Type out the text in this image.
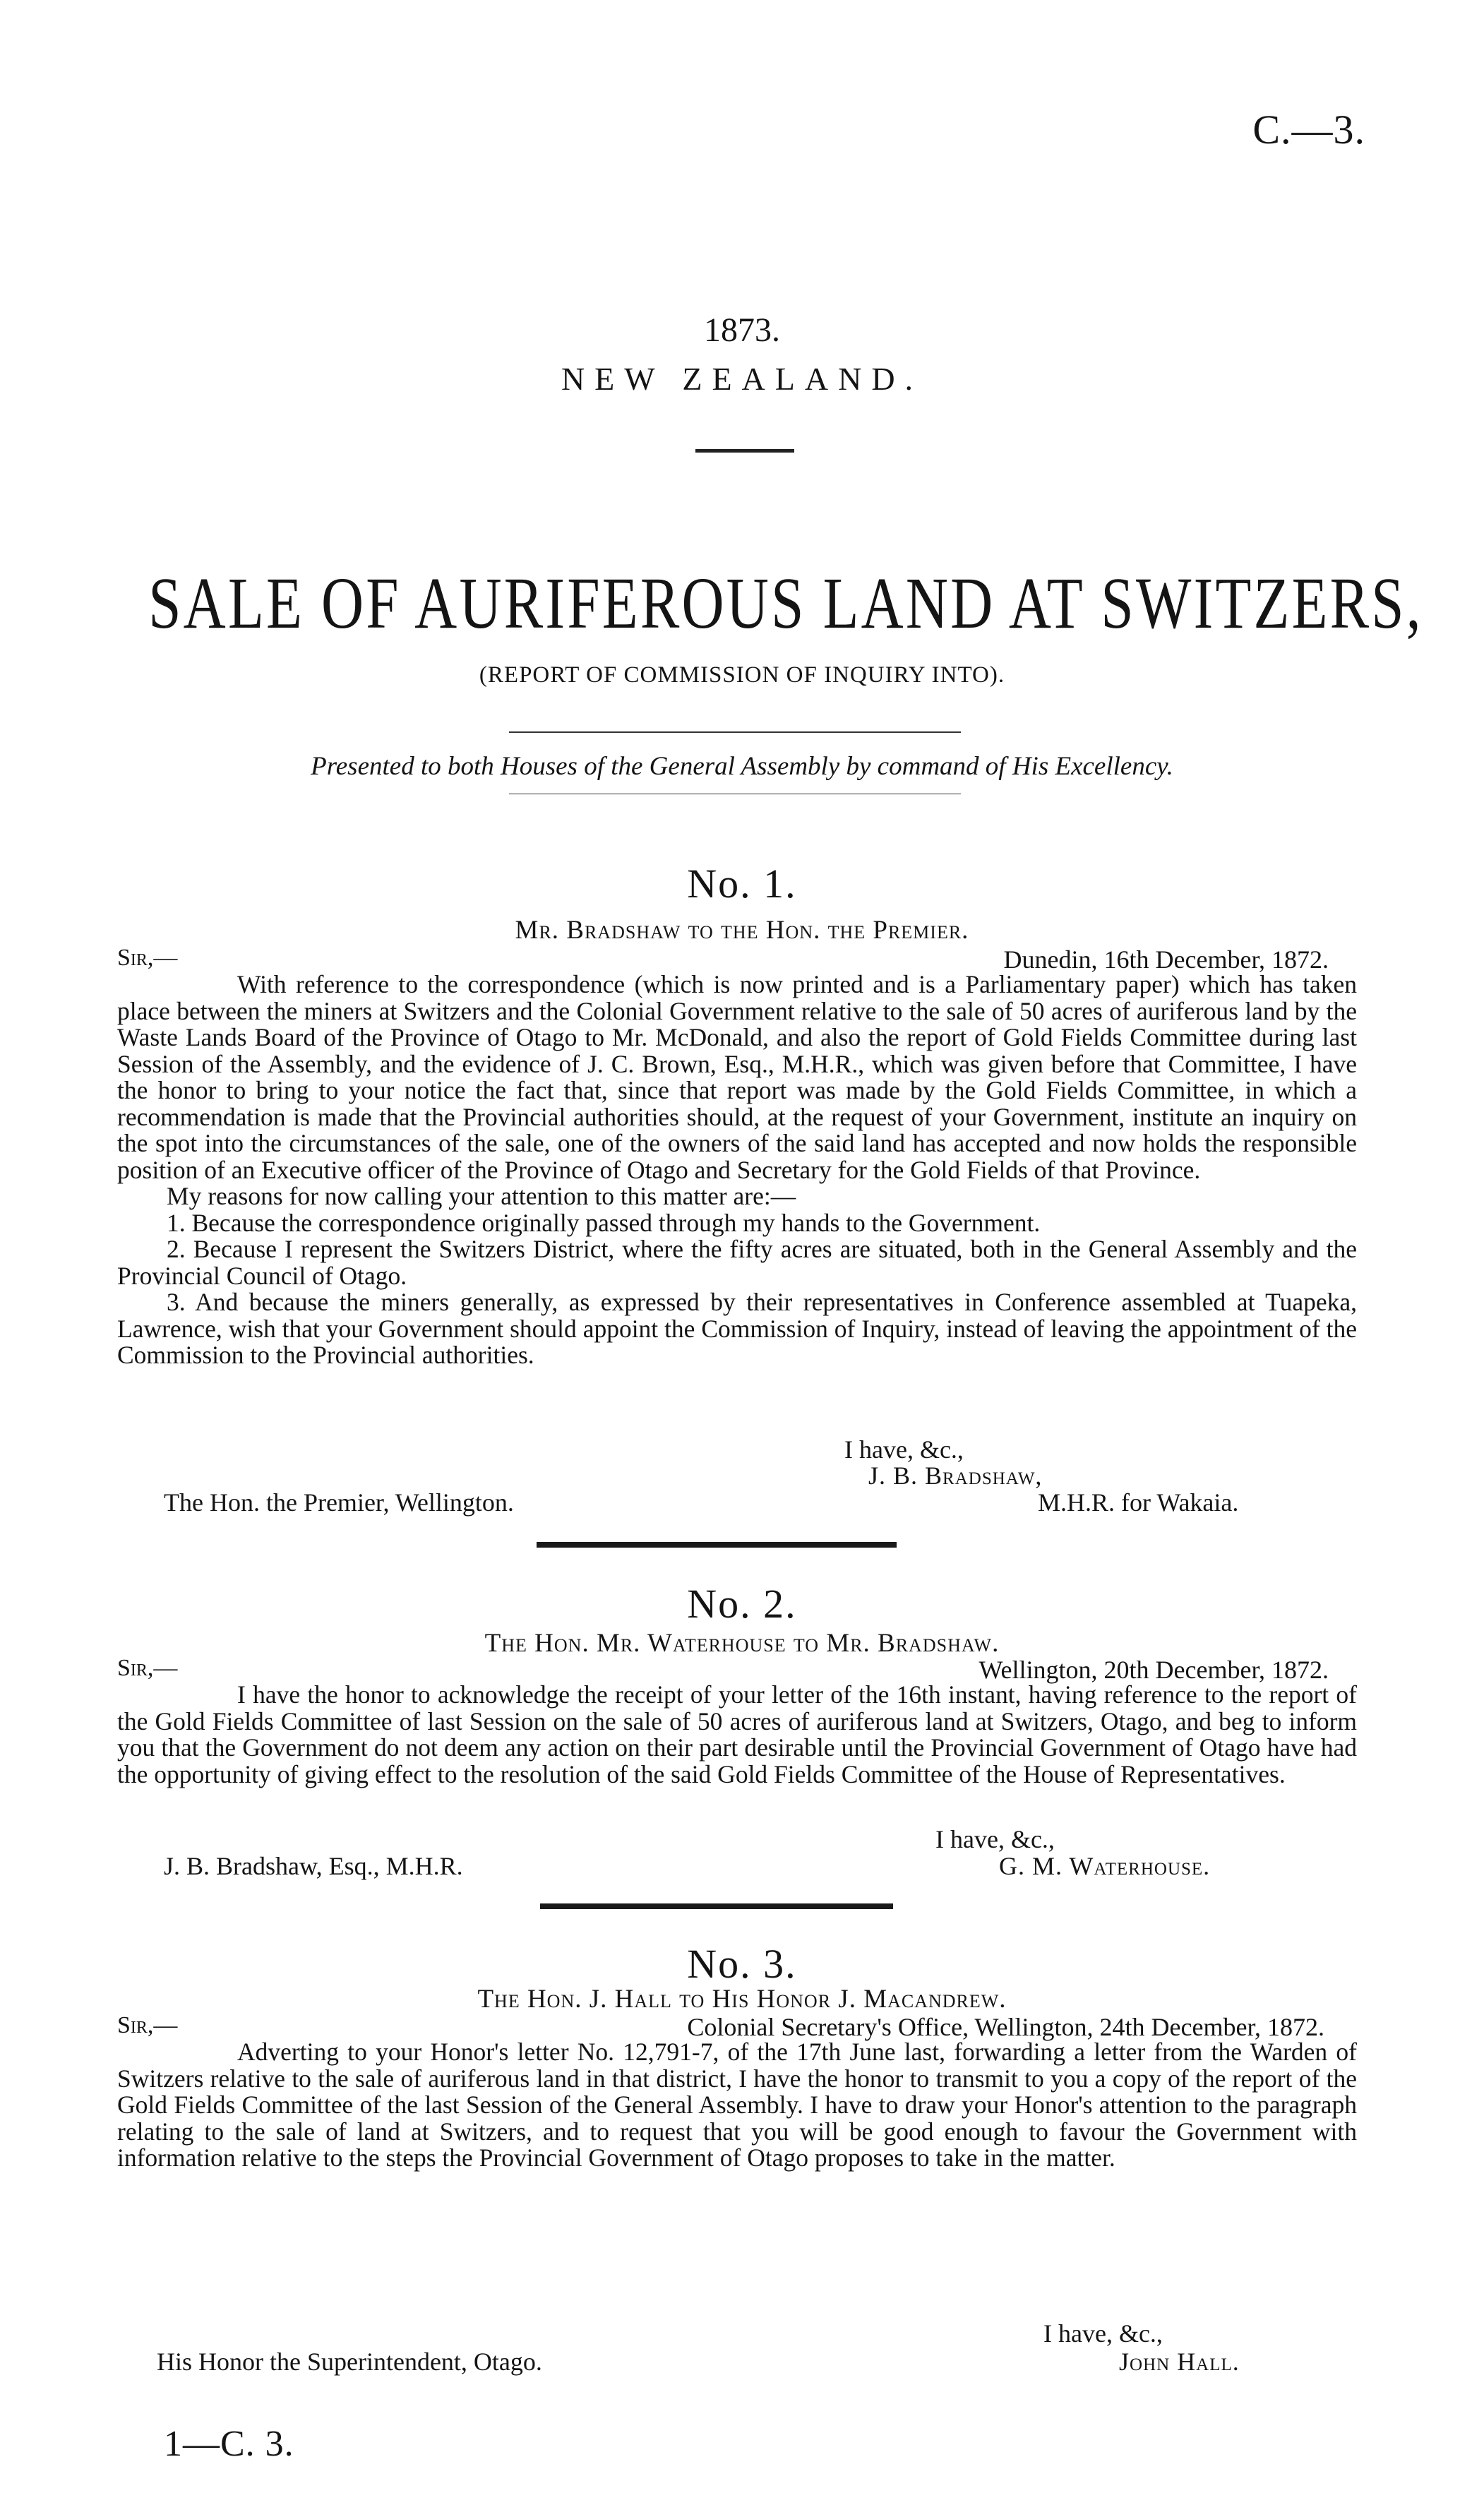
C.—3.
1873.
NEW ZEALAND.
SALE OF AURIFEROUS LAND AT SWITZERS,
(REPORT OF COMMISSION OF INQUIRY INTO).
Presented to both Houses of the General Assembly by command of His Excellency.
No. 1.
Mr. Bradshaw to the Hon. the Premier.
Sir,—	Dunedin, 16th December, 1872.

With reference to the correspondence (which is now printed and is a Parliamentary paper) which has taken place between the miners at Switzers and the Colonial Government relative to the sale of 50 acres of auriferous land by the Waste Lands Board of the Province of Otago to Mr. McDonald, and also the report of Gold Fields Committee during last Session of the Assembly, and the evidence of J. C. Brown, Esq., M.H.R., which was given before that Committee, I have the honor to bring to your notice the fact that, since that report was made by the Gold Fields Committee, in which a recommendation is made that the Provincial authorities should, at the request of your Government, institute an inquiry on the spot into the circumstances of the sale, one of the owners of the said land has accepted and now holds the responsible position of an Executive officer of the Province of Otago and Secretary for the Gold Fields of that Province.

My reasons for now calling your attention to this matter are:—

1. Because the correspondence originally passed through my hands to the Government.

2. Because I represent the Switzers District, where the fifty acres are situated, both in the General Assembly and the Provincial Council of Otago.

3. And because the miners generally, as expressed by their representatives in Conference assembled at Tuapeka, Lawrence, wish that your Government should appoint the Commission of Inquiry, instead of leaving the appointment of the Commission to the Provincial authorities.

I have, &c.,
J. B. Bradshaw,
The Hon. the Premier, Wellington.	M.H.R. for Wakaia.
No. 2.
The Hon. Mr. Waterhouse to Mr. Bradshaw.
Sir,—	Wellington, 20th December, 1872.

I have the honor to acknowledge the receipt of your letter of the 16th instant, having reference to the report of the Gold Fields Committee of last Session on the sale of 50 acres of auriferous land at Switzers, Otago, and beg to inform you that the Government do not deem any action on their part desirable until the Provincial Government of Otago have had the opportunity of giving effect to the resolution of the said Gold Fields Committee of the House of Representatives.

I have, &c.,
J. B. Bradshaw, Esq., M.H.R.	G. M. Waterhouse.
No. 3.
The Hon. J. Hall to His Honor J. Macandrew.
Sir,—	Colonial Secretary's Office, Wellington, 24th December, 1872.

Adverting to your Honor's letter No. 12,791-7, of the 17th June last, forwarding a letter from the Warden of Switzers relative to the sale of auriferous land in that district, I have the honor to transmit to you a copy of the report of the Gold Fields Committee of the last Session of the General Assembly. I have to draw your Honor's attention to the paragraph relating to the sale of land at Switzers, and to request that you will be good enough to favour the Government with information relative to the steps the Provincial Government of Otago proposes to take in the matter.

I have, &c.,
His Honor the Superintendent, Otago.	John Hall.
1—C. 3.
